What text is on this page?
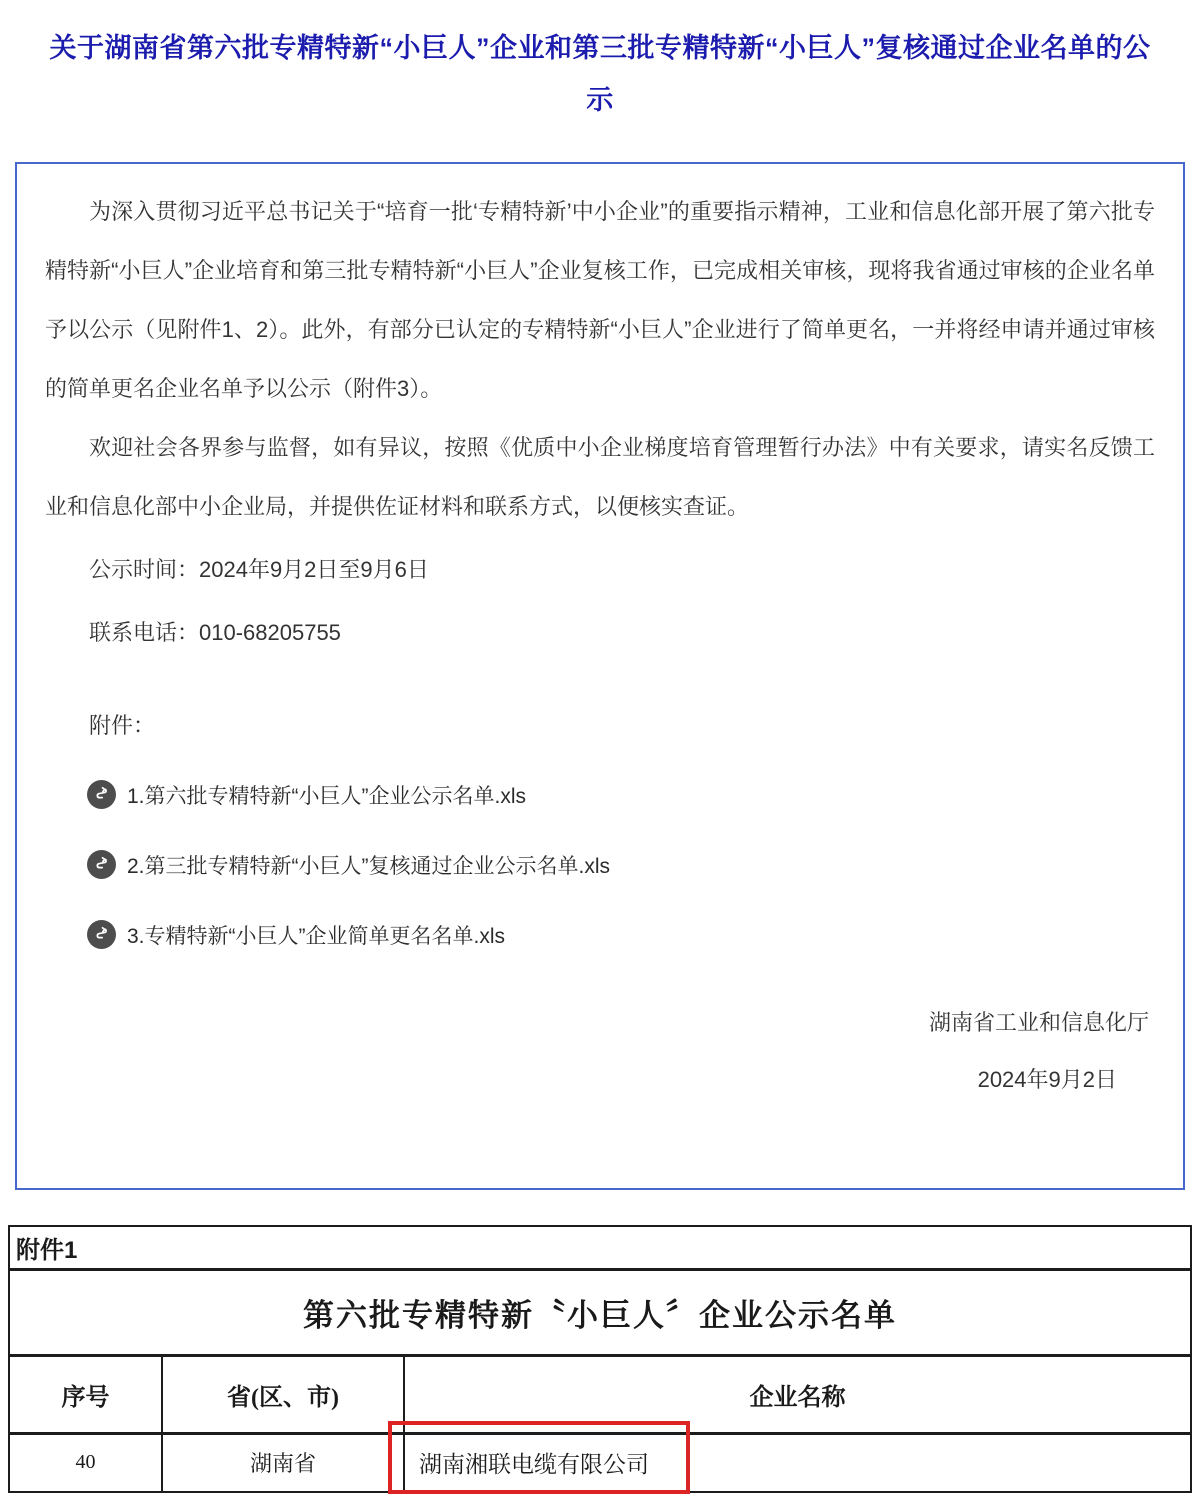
关于湖南省第六批专精特新“小巨人”企业和第三批专精特新“小巨人”复核通过企业名单的公示

为深入贯彻习近平总书记关于“培育一批‘专精特新’中小企业”的重要指示精神，工业和信息化部开展了第六批专精特新“小巨人”企业培育和第三批专精特新“小巨人”企业复核工作，已完成相关审核，现将我省通过审核的企业名单予以公示（见附件1、2）。此外，有部分已认定的专精特新“小巨人”企业进行了简单更名，一并将经申请并通过审核的简单更名企业名单予以公示（附件3）。

欢迎社会各界参与监督，如有异议，按照《优质中小企业梯度培育管理暂行办法》中有关要求，请实名反馈工业和信息化部中小企业局，并提供佐证材料和联系方式，以便核实查证。

公示时间：2024年9月2日至9月6日
联系电话：010-68205755
附件：
1.第六批专精特新“小巨人”企业公示名单.xls
2.第三批专精特新“小巨人”复核通过企业公示名单.xls
3.专精特新“小巨人”企业简单更名名单.xls
湖南省工业和信息化厅
2024年9月2日
附件1		
第六批专精特新〝小巨人〞企业公示名单		
序号	省(区、市)	企业名称
40	湖南省	湖南湘联电缆有限公司
